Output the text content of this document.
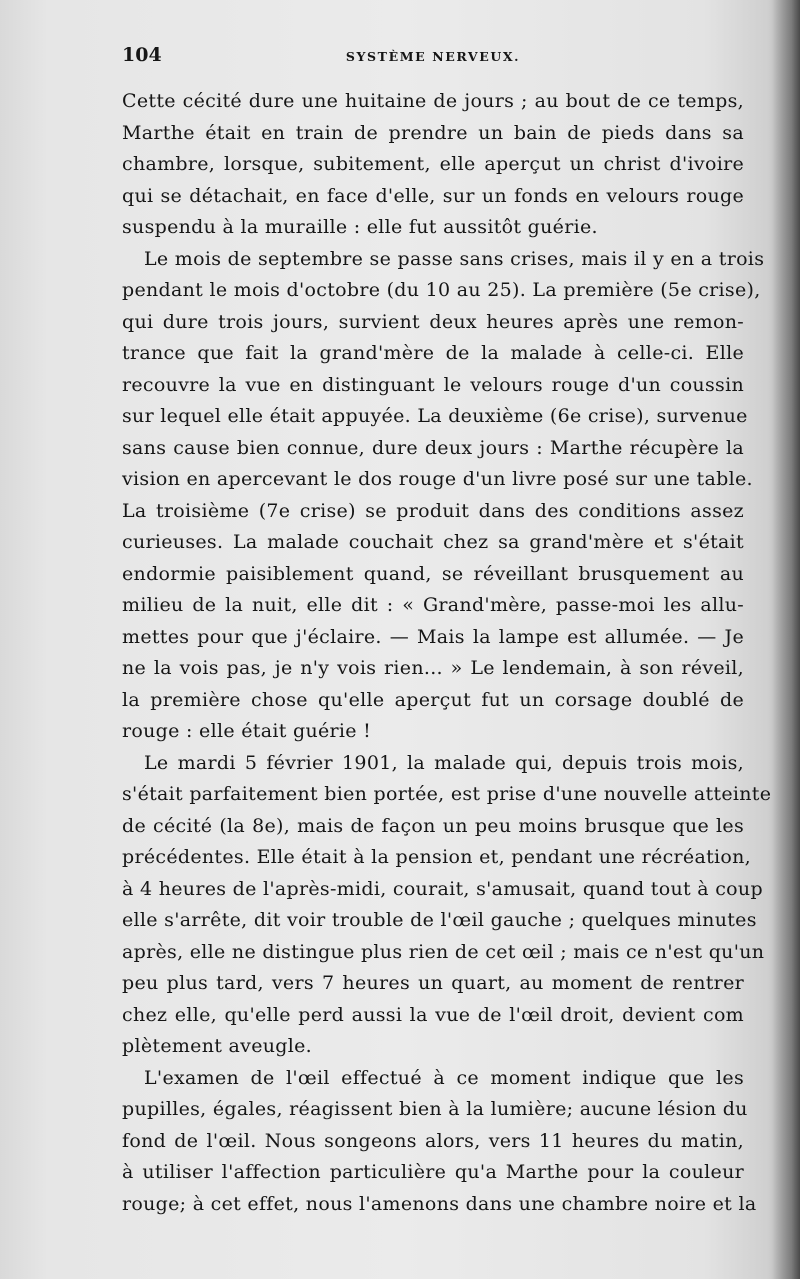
104	SYSTÈME NERVEUX.
Cette cécité dure une huitaine de jours ; au bout de ce temps,
Marthe était en train de prendre un bain de pieds dans sa
chambre, lorsque, subitement, elle aperçut un christ d'ivoire
qui se détachait, en face d'elle, sur un fonds en velours rouge
suspendu à la muraille : elle fut aussitôt guérie.
Le mois de septembre se passe sans crises, mais il y en a trois
pendant le mois d'octobre (du 10 au 25). La première (5e crise),
qui dure trois jours, survient deux heures après une remon-
trance que fait la grand'mère de la malade à celle-ci. Elle
recouvre la vue en distinguant le velours rouge d'un coussin
sur lequel elle était appuyée. La deuxième (6e crise), survenue
sans cause bien connue, dure deux jours : Marthe récupère la
vision en apercevant le dos rouge d'un livre posé sur une table.
La troisième (7e crise) se produit dans des conditions assez
curieuses. La malade couchait chez sa grand'mère et s'était
endormie paisiblement quand, se réveillant brusquement au
milieu de la nuit, elle dit : « Grand'mère, passe-moi les allu-
mettes pour que j'éclaire. — Mais la lampe est allumée. — Je
ne la vois pas, je n'y vois rien... » Le lendemain, à son réveil,
la première chose qu'elle aperçut fut un corsage doublé de
rouge : elle était guérie !
Le mardi 5 février 1901, la malade qui, depuis trois mois,
s'était parfaitement bien portée, est prise d'une nouvelle atteinte
de cécité (la 8e), mais de façon un peu moins brusque que les
précédentes. Elle était à la pension et, pendant une récréation,
à 4 heures de l'après-midi, courait, s'amusait, quand tout à coup
elle s'arrête, dit voir trouble de l'œil gauche ; quelques minutes
après, elle ne distingue plus rien de cet œil ; mais ce n'est qu'un
peu plus tard, vers 7 heures un quart, au moment de rentrer
chez elle, qu'elle perd aussi la vue de l'œil droit, devient com
plètement aveugle.
L'examen de l'œil effectué à ce moment indique que les
pupilles, égales, réagissent bien à la lumière; aucune lésion du
fond de l'œil. Nous songeons alors, vers 11 heures du matin,
à utiliser l'affection particulière qu'a Marthe pour la couleur
rouge; à cet effet, nous l'amenons dans une chambre noire et la
